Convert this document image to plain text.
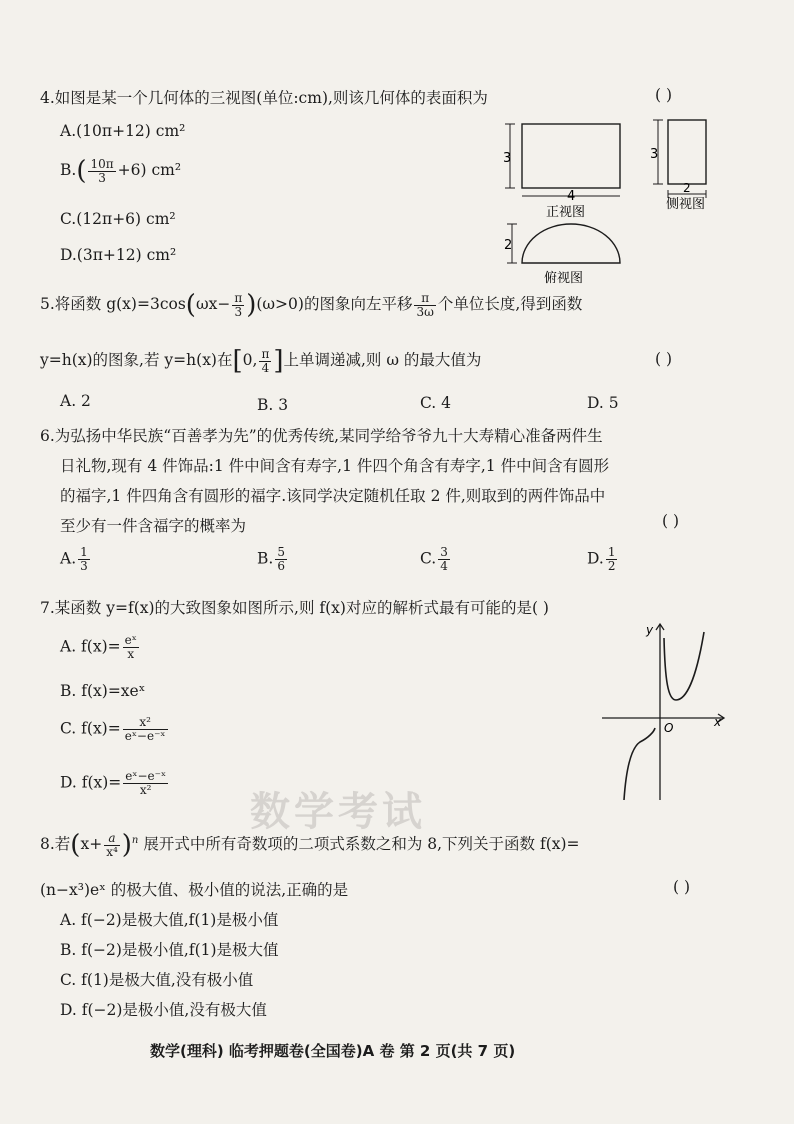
4.如图是某一个几何体的三视图(单位:cm),则该几何体的表面积为	( )
A.(10π+12) cm²
$B.( \frac{10\pi}{3} +6)$ cm²
C.(12π+6) cm²
D.(3π+12) cm²
3
4
正视图
3
2
侧视图
2
俯视图
5.将函数 $g(x)=3\cos(\omega x- \frac{\pi}{3} )(\omega>0)$的图象向左平移 $\frac{\pi}{3\omega}$ 个单位长度,得到函数
y=h(x)的图象,若 y=h(x)在[0, $\frac{\pi}{4}$ ]上单调递减,则 ω 的最大值为	( )
A. 2	B. 3	C. 4	D. 5
6.为弘扬中华民族“百善孝为先”的优秀传统,某同学给爷爷九十大寿精心准备两件生
日礼物,现有 4 件饰品:1 件中间含有寿字,1 件四个角含有寿字,1 件中间含有圆形
的福字,1 件四角含有圆形的福字.该同学决定随机任取 2 件,则取到的两件饰品中
至少有一件含福字的概率为	( )
A. $\frac{1}{3}$	B. $\frac{5}{6}$	C. $\frac{3}{4}$	D. $\frac{1}{2}$
7.某函数 y=f(x)的大致图象如图所示,则 f(x)对应的解析式最有可能的是( )
A. $f(x)= \frac{\text{eˣ}}{x}$
B. f(x)=xeˣ
C. $f(x)= \frac{\text{x²}}{\text{eˣ−e⁻ˣ}}$
D. $f(x)= \frac{\text{eˣ−e⁻ˣ}}{\text{x²}}$
y
x
O
数学考试
8.若$(x+ \frac{a}{\text{x⁴}} )^n$ 展开式中所有奇数项的二项式系数之和为 8,下列关于函数 f(x)=
(n−x³)eˣ 的极大值、极小值的说法,正确的是	( )
A. f(−2)是极大值,f(1)是极小值
B. f(−2)是极小值,f(1)是极大值
C. f(1)是极大值,没有极小值
D. f(−2)是极小值,没有极大值
数学(理科) 临考押题卷(全国卷)A 卷 第 2 页(共 7 页)
